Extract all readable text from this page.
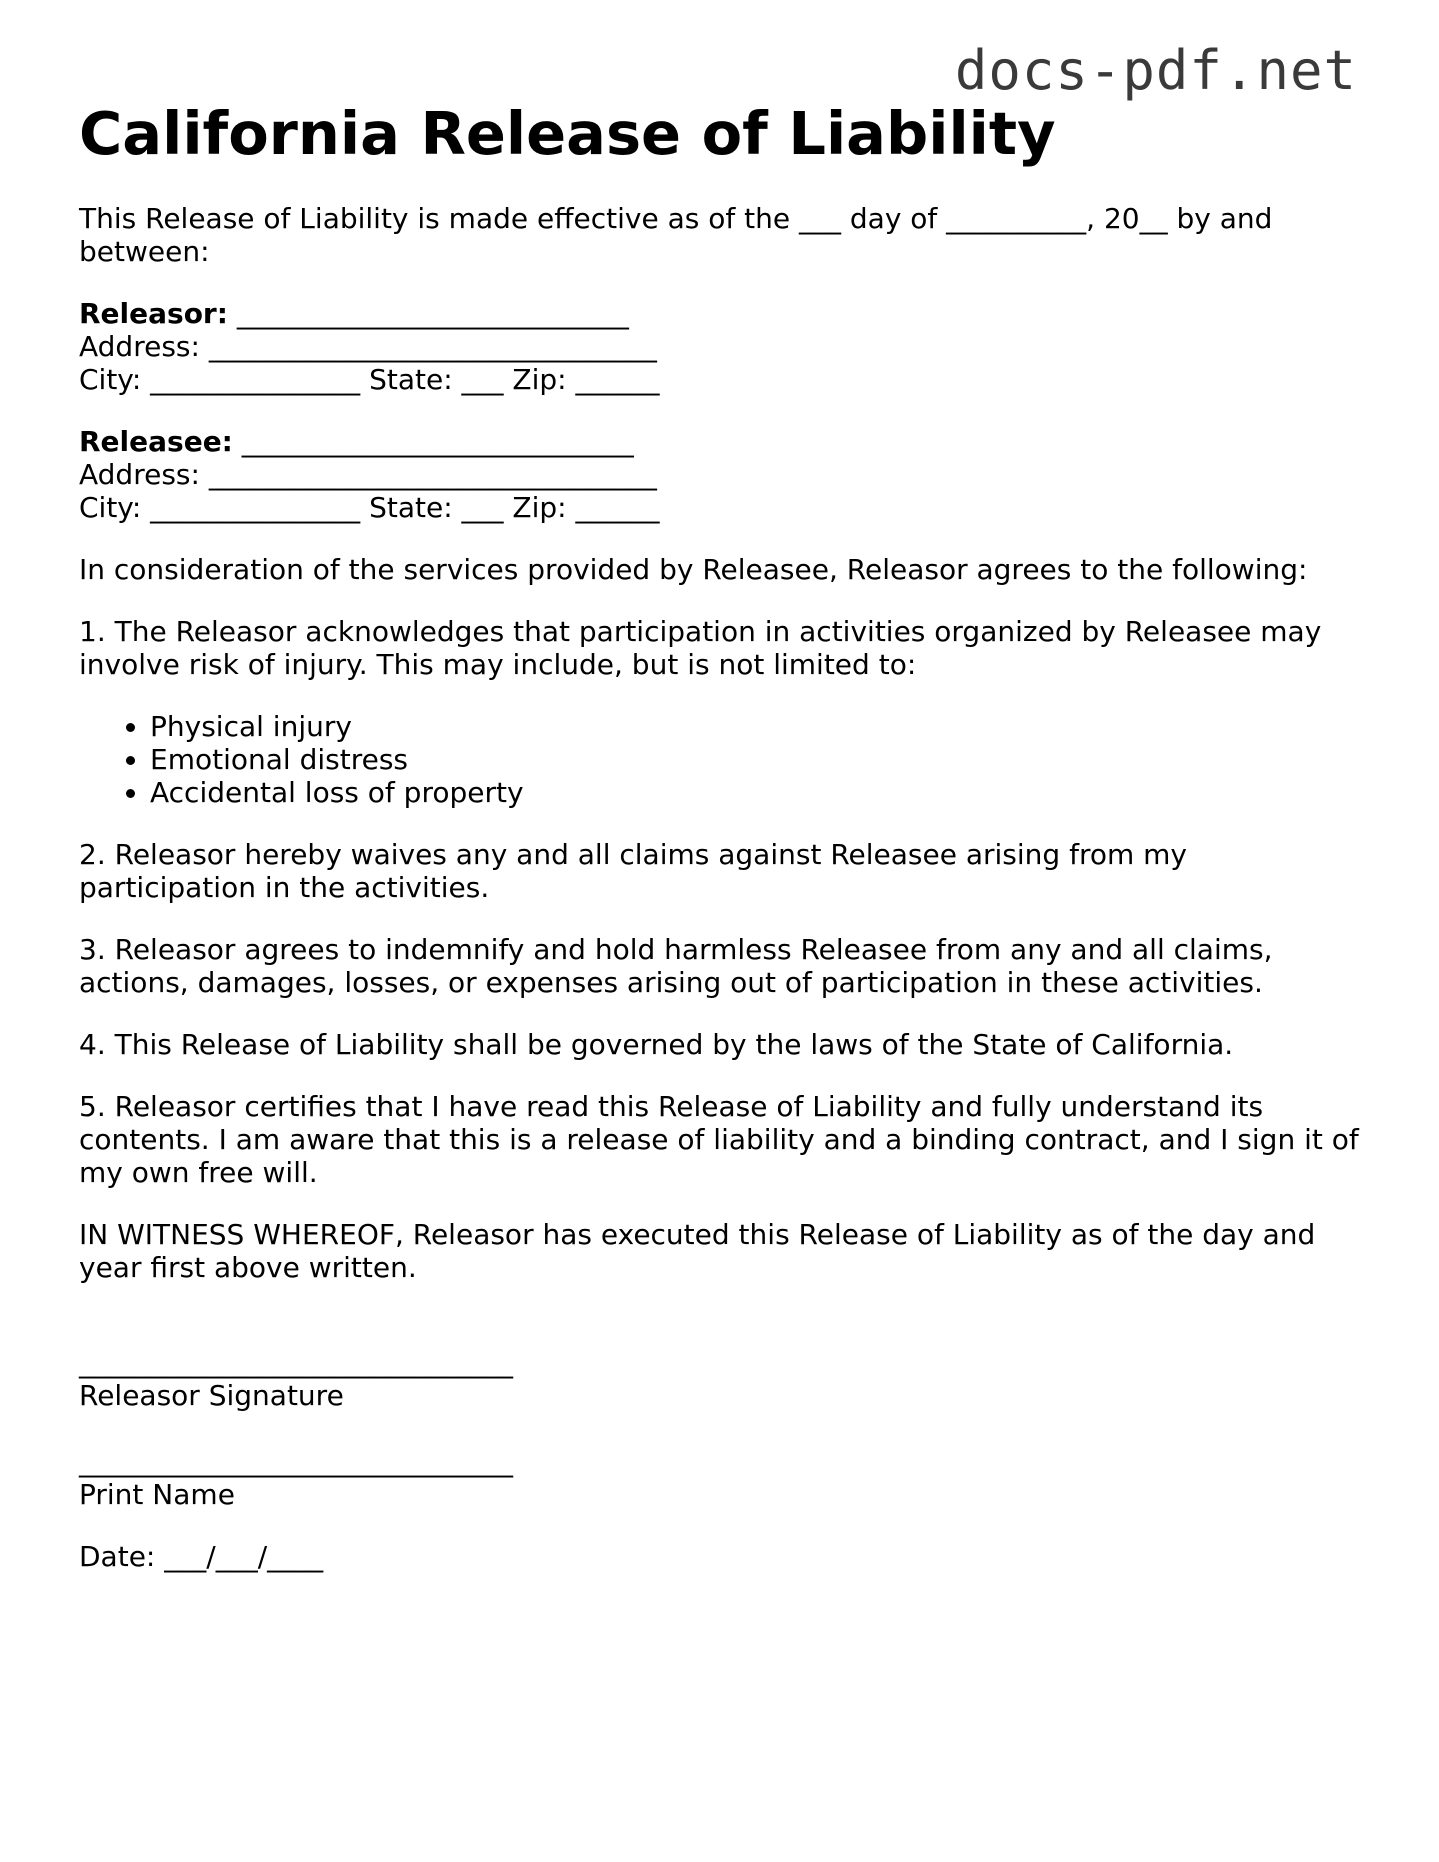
docs-pdf.net
California Release of Liability

This Release of Liability is made effective as of the ___ day of __________, 20__ by and between:

Releasor: ____________________________
Address: ________________________________
City: _______________ State: ___ Zip: ______
Releasee: ____________________________
Address: ________________________________
City: _______________ State: ___ Zip: ______

In consideration of the services provided by Releasee, Releasor agrees to the following:

1. The Releasor acknowledges that participation in activities organized by Releasee may involve risk of injury. This may include, but is not limited to:

• Physical injury
• Emotional distress
• Accidental loss of property

2. Releasor hereby waives any and all claims against Releasee arising from my participation in the activities.

3. Releasor agrees to indemnify and hold harmless Releasee from any and all claims, actions, damages, losses, or expenses arising out of participation in these activities.

4. This Release of Liability shall be governed by the laws of the State of California.

5. Releasor certifies that I have read this Release of Liability and fully understand its contents. I am aware that this is a release of liability and a binding contract, and I sign it of my own free will.

IN WITNESS WHEREOF, Releasor has executed this Release of Liability as of the day and year first above written.

_______________________________
Releasor Signature
_______________________________
Print Name
Date: ___/___/____
